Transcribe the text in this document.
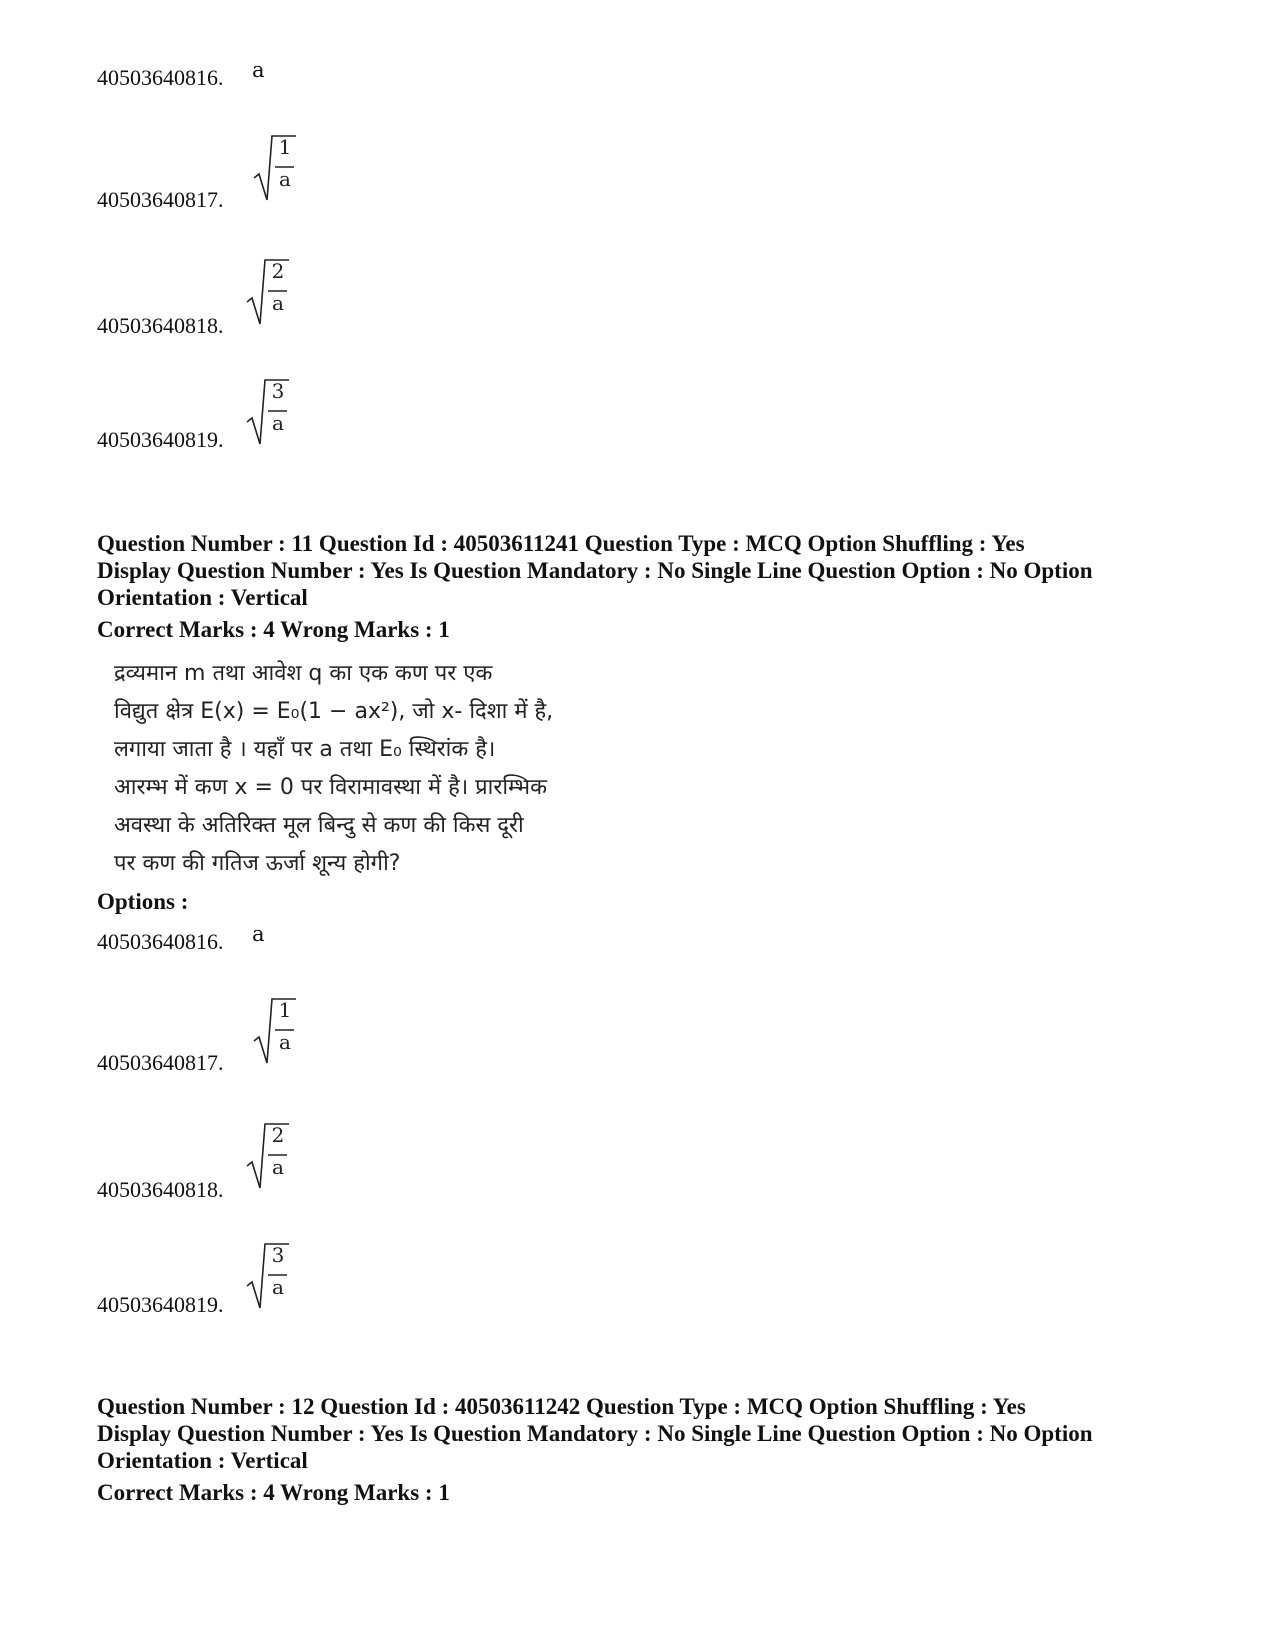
40503640816. a
40503640817.
1
a
40503640818.
2
a
40503640819.
3
a
Question Number : 11 Question Id : 40503611241 Question Type : MCQ Option Shuffling : Yes
Display Question Number : Yes Is Question Mandatory : No Single Line Question Option : No Option
Orientation : Vertical
Correct Marks : 4 Wrong Marks : 1
द्रव्यमान m तथा आवेश q का एक कण पर एक
विद्युत क्षेत्र E(x) = E₀(1 − ax²), जो x- दिशा में है,
लगाया जाता है । यहाँ पर a तथा E₀ स्थिरांक है।
आरम्भ में कण x = 0 पर विरामावस्था में है। प्रारम्भिक
अवस्था के अतिरिक्त मूल बिन्दु से कण की किस दूरी
पर कण की गतिज ऊर्जा शून्य होगी?
Options :
40503640816. a
40503640817.
1
a
40503640818.
2
a
40503640819.
3
a
Question Number : 12 Question Id : 40503611242 Question Type : MCQ Option Shuffling : Yes
Display Question Number : Yes Is Question Mandatory : No Single Line Question Option : No Option
Orientation : Vertical
Correct Marks : 4 Wrong Marks : 1
